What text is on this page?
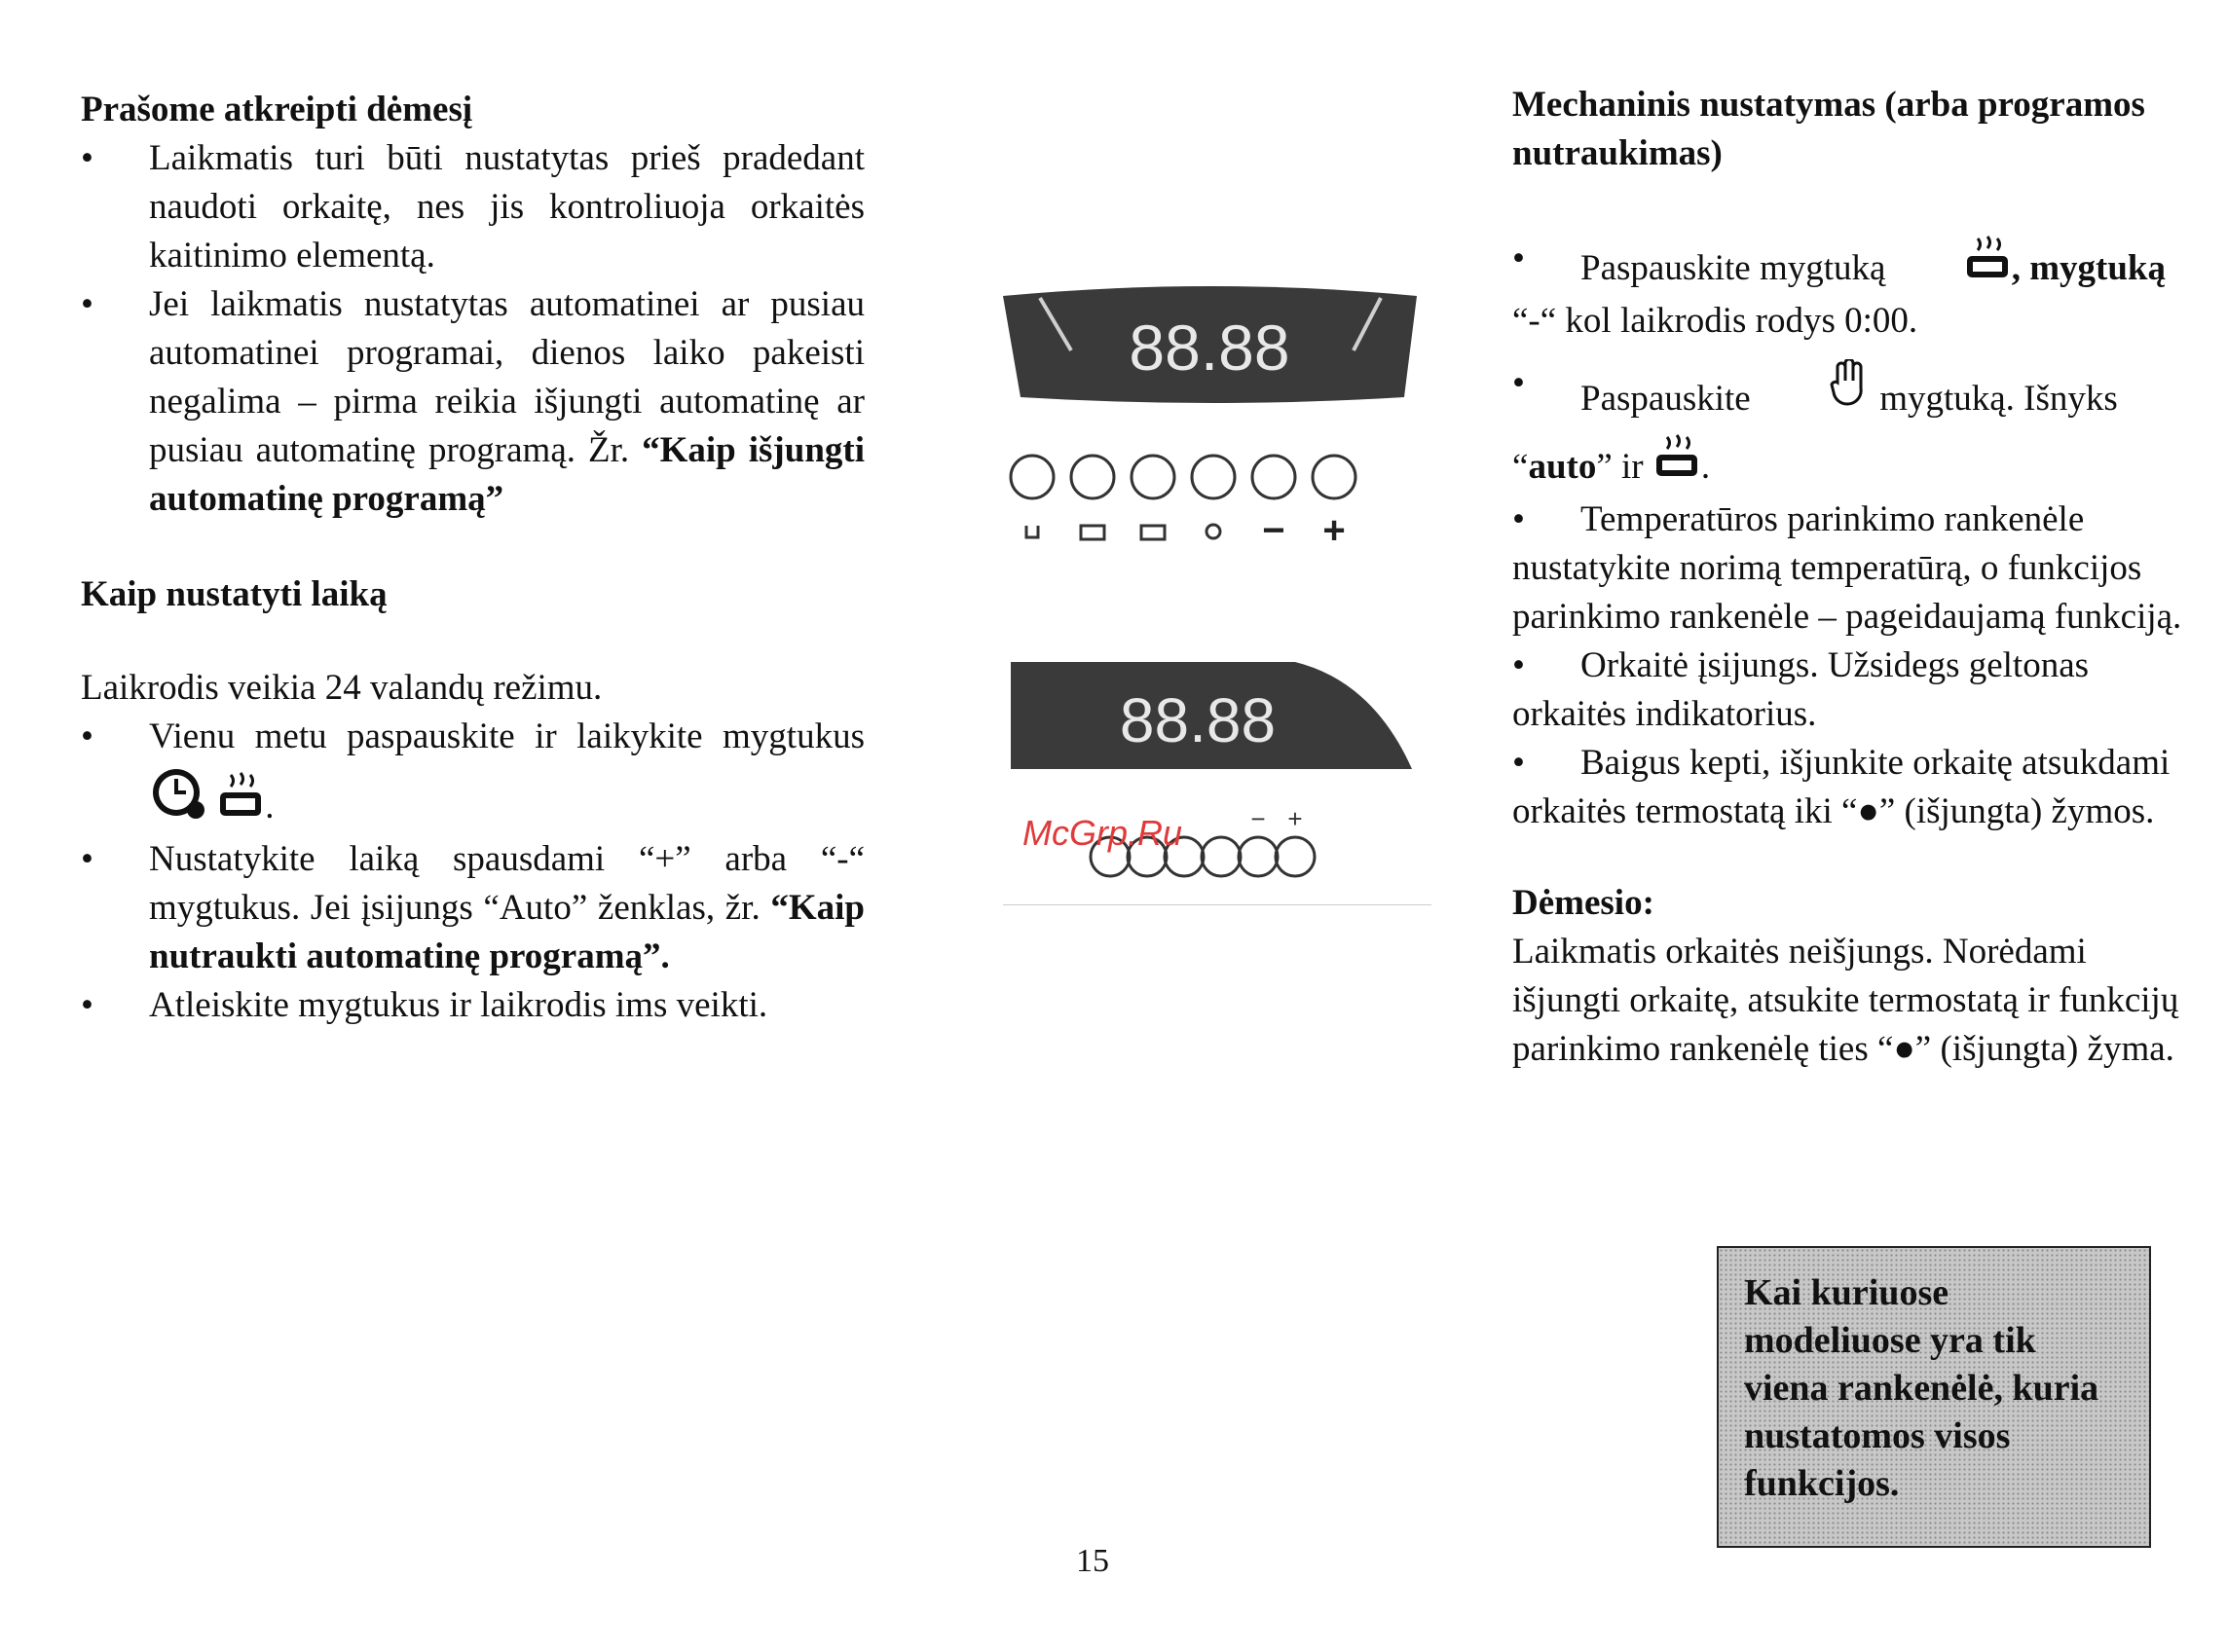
Prašome atkreipti dėmesį

• Laikmatis turi būti nustatytas prieš pradedant naudoti orkaitę, nes jis kontroliuoja orkaitės kaitinimo elementą.
• Jei laikmatis nustatytas automatinei ar pusiau automatinei programai, dienos laiko pakeisti negalima – pirma reikia išjungti automatinę ar pusiau automatinę programą. Žr. “Kaip išjungti automatinę programą”

Kaip nustatyti laiką

Laikrodis veikia 24 valandų režimu.

• Vienu metu paspauskite ir laikykite mygtukus  .
• Nustatykite laiką spausdami “+” arba “-“ mygtukus. Jei įsijungs “Auto” ženklas, žr. “Kaip nutraukti automatinę programą”.
• Atleiskite mygtukus ir laikrodis ims veikti.
88.88
− +
88.88
− +
McGrp.Ru

Mechaninis nustatymas (arba programos nutraukimas)

• Paspauskite mygtuką	, mygtuką “-“ kol laikrodis rodys 0:00.

• Paspauskite	mygtuką. Išnyks

“auto” ir .

• Temperatūros parinkimo rankenėle nustatykite norimą temperatūrą, o funkcijos parinkimo rankenėle – pageidaujamą funkciją.

• Orkaitė įsijungs. Užsidegs geltonas orkaitės indikatorius.

• Baigus kepti, išjunkite orkaitę atsukdami orkaitės termostatą iki “●” (išjungta) žymos.

Dėmesio:

Laikmatis orkaitės neišjungs. Norėdami išjungti orkaitę, atsukite termostatą ir funkcijų parinkimo rankenėlę ties “●” (išjungta) žyma.

Kai kuriuose modeliuose yra tik viena rankenėlė, kuria nustatomos visos funkcijos.
15
